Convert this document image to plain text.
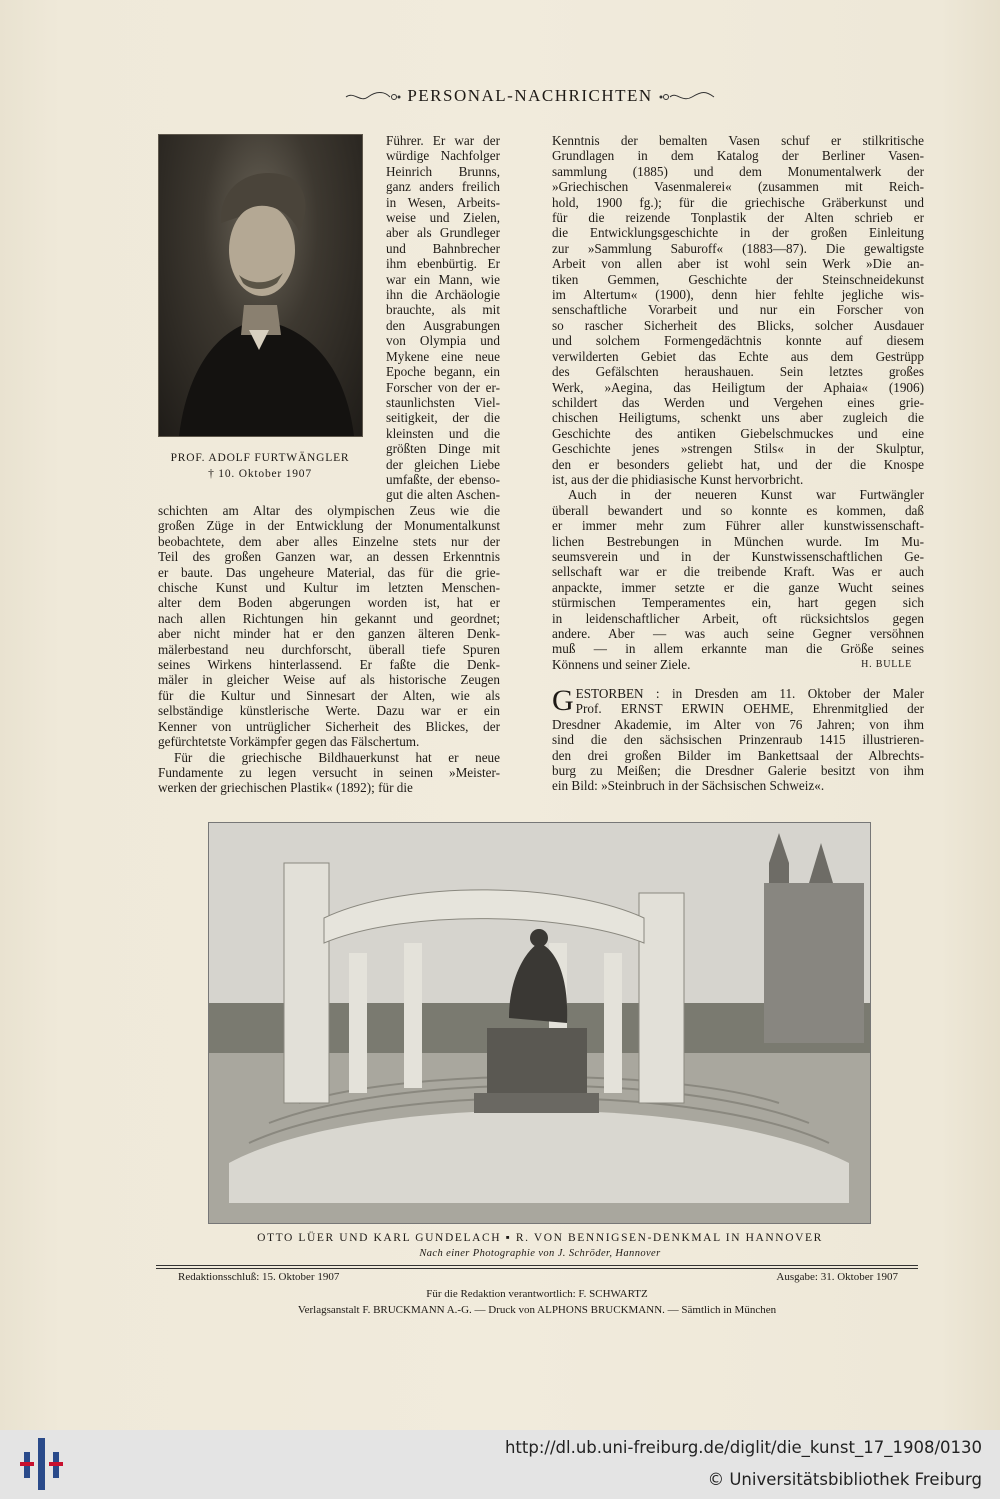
PERSONAL-NACHRICHTEN
PROF. ADOLF FURTWÄNGLER
† 10. Oktober 1907
Führer. Er war der
würdige Nachfolger
Heinrich Brunns,
ganz anders freilich
in Wesen, Arbeits-
weise und Zielen,
aber als Grundleger
und Bahnbrecher
ihm ebenbürtig. Er
war ein Mann, wie
ihn die Archäologie
brauchte, als mit
den Ausgrabungen
von Olympia und
Mykene eine neue
Epoche begann, ein
Forscher von der er-
staunlichsten Viel-
seitigkeit, der die
kleinsten und die
größten Dinge mit
der gleichen Liebe
umfaßte, der ebenso-
gut die alten Aschen-
schichten am Altar des olympischen Zeus wie die
großen Züge in der Entwicklung der Monumentalkunst
beobachtete, dem aber alles Einzelne stets nur der
Teil des großen Ganzen war, an dessen Erkenntnis
er baute. Das ungeheure Material, das für die grie-
chische Kunst und Kultur im letzten Menschen-
alter dem Boden abgerungen worden ist, hat er
nach allen Richtungen hin gekannt und geordnet;
aber nicht minder hat er den ganzen älteren Denk-
mälerbestand neu durchforscht, überall tiefe Spuren
seines Wirkens hinterlassend. Er faßte die Denk-
mäler in gleicher Weise auf als historische Zeugen
für die Kultur und Sinnesart der Alten, wie als
selbständige künstlerische Werte. Dazu war er ein
Kenner von untrüglicher Sicherheit des Blickes, der
gefürchtetste Vorkämpfer gegen das Fälschertum.
Für die griechische Bildhauerkunst hat er neue
Fundamente zu legen versucht in seinen »Meister-
werken der griechischen Plastik« (1892); für die
Kenntnis der bemalten Vasen schuf er stilkritische
Grundlagen in dem Katalog der Berliner Vasen-
sammlung (1885) und dem Monumentalwerk der
»Griechischen Vasenmalerei« (zusammen mit Reich-
hold, 1900 fg.); für die griechische Gräberkunst und
für die reizende Tonplastik der Alten schrieb er
die Entwicklungsgeschichte in der großen Einleitung
zur »Sammlung Saburoff« (1883—87). Die gewaltigste
Arbeit von allen aber ist wohl sein Werk »Die an-
tiken Gemmen, Geschichte der Steinschneidekunst
im Altertum« (1900), denn hier fehlte jegliche wis-
senschaftliche Vorarbeit und nur ein Forscher von
so rascher Sicherheit des Blicks, solcher Ausdauer
und solchem Formengedächtnis konnte auf diesem
verwilderten Gebiet das Echte aus dem Gestrüpp
des Gefälschten heraushauen. Sein letztes großes
Werk, »Aegina, das Heiligtum der Aphaia« (1906)
schildert das Werden und Vergehen eines grie-
chischen Heiligtums, schenkt uns aber zugleich die
Geschichte des antiken Giebelschmuckes und eine
Geschichte jenes »strengen Stils« in der Skulptur,
den er besonders geliebt hat, und der die Knospe
ist, aus der die phidiasische Kunst hervorbricht.
Auch in der neueren Kunst war Furtwängler
überall bewandert und so konnte es kommen, daß
er immer mehr zum Führer aller kunstwissenschaft-
lichen Bestrebungen in München wurde. Im Mu-
seumsverein und in der Kunstwissenschaftlichen Ge-
sellschaft war er die treibende Kraft. Was er auch
anpackte, immer setzte er die ganze Wucht seines
stürmischen Temperamentes ein, hart gegen sich
in leidenschaftlicher Arbeit, oft rücksichtslos gegen
andere. Aber — was auch seine Gegner versöhnen
muß — in allem erkannte man die Größe seines
Könnens und seiner Ziele.	H. BULLE
G ESTORBEN : in Dresden am 11. Oktober der Maler
Prof. ERNST ERWIN OEHME, Ehrenmitglied der
Dresdner Akademie, im Alter von 76 Jahren; von ihm
sind die den sächsischen Prinzenraub 1415 illustrieren-
den drei großen Bilder im Bankettsaal der Albrechts-
burg zu Meißen; die Dresdner Galerie besitzt von ihm
ein Bild: »Steinbruch in der Sächsischen Schweiz«.
OTTO LÜER UND KARL GUNDELACH ▪ R. VON BENNIGSEN-DENKMAL IN HANNOVER
Nach einer Photographie von J. Schröder, Hannover
Redaktionsschluß: 15. Oktober 1907	Ausgabe: 31. Oktober 1907
Für die Redaktion verantwortlich: F. SCHWARTZ
Verlagsanstalt F. BRUCKMANN A.-G. — Druck von ALPHONS BRUCKMANN. — Sämtlich in München
http://dl.ub.uni-freiburg.de/diglit/die_kunst_17_1908/0130
© Universitätsbibliothek Freiburg
